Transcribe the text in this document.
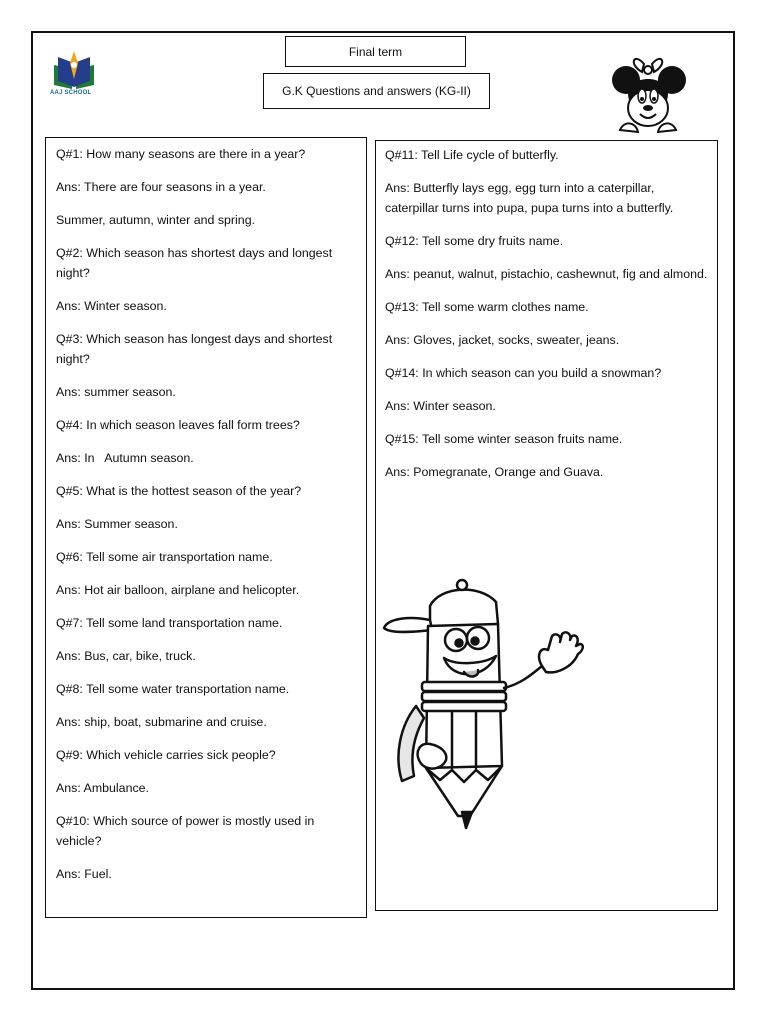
AAJ SCHOOL
Final term
G.K Questions and answers (KG-II)

Q#1: How many seasons are there in a year?

Ans: There are four seasons in a year.

Summer, autumn, winter and spring.

Q#2: Which season has shortest days and longest night?

Ans: Winter season.

Q#3: Which season has longest days and shortest night?

Ans: summer season.

Q#4: In which season leaves fall form trees?

Ans: In   Autumn season.

Q#5: What is the hottest season of the year?

Ans: Summer season.

Q#6: Tell some air transportation name.

Ans: Hot air balloon, airplane and helicopter.

Q#7: Tell some land transportation name.

Ans: Bus, car, bike, truck.

Q#8: Tell some water transportation name.

Ans: ship, boat, submarine and cruise.

Q#9: Which vehicle carries sick people?

Ans: Ambulance.

Q#10: Which source of power is mostly used in vehicle?

Ans: Fuel.

Q#11: Tell Life cycle of butterfly.

Ans: Butterfly lays egg, egg turn into a caterpillar, caterpillar turns into pupa, pupa turns into a butterfly.

Q#12: Tell some dry fruits name.

Ans: peanut, walnut, pistachio, cashewnut, fig and almond.

Q#13: Tell some warm clothes name.

Ans: Gloves, jacket, socks, sweater, jeans.

Q#14: In which season can you build a snowman?

Ans: Winter season.

Q#15: Tell some winter season fruits name.

Ans: Pomegranate, Orange and Guava.
